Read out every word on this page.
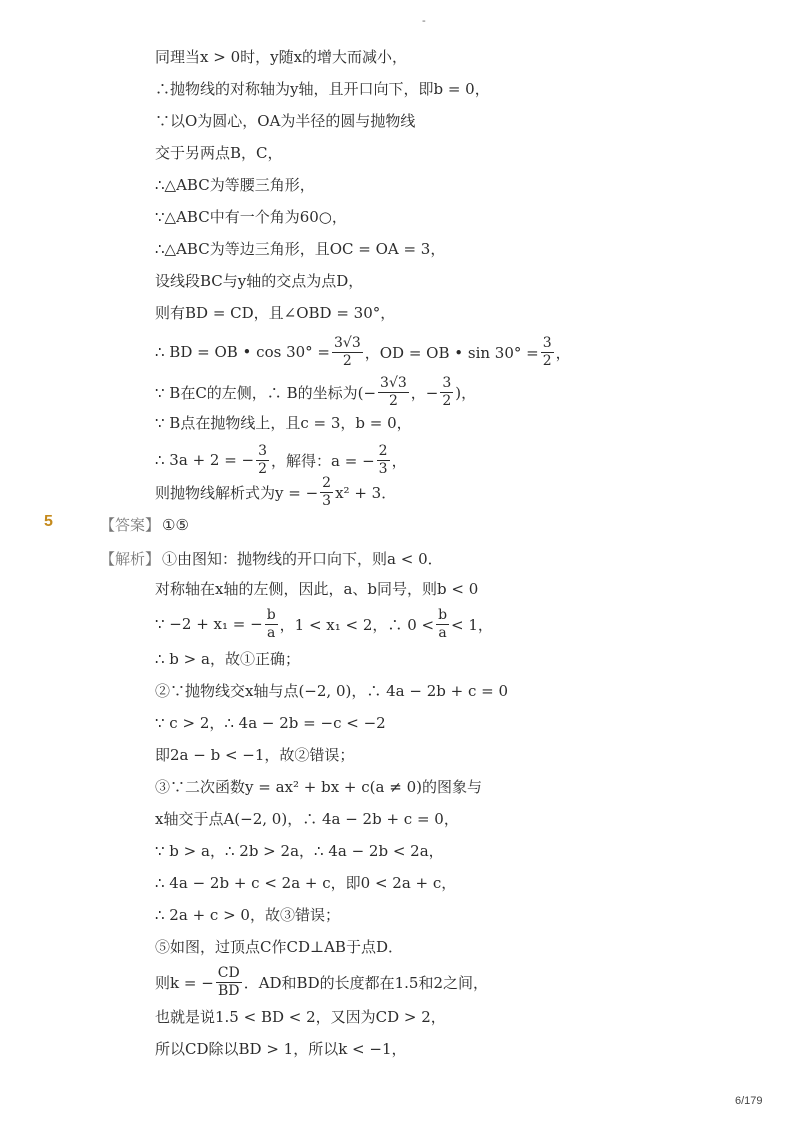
-
同理当x > 0时，y随x的增大而减小，
∴抛物线的对称轴为y轴，且开口向下，即b = 0，
∵以O为圆心，OA为半径的圆与抛物线
交于另两点B，C，
∴△ABC为等腰三角形，
∵△ABC中有一个角为60○，
∴△ABC为等边三角形，且OC = OA = 3，
设线段BC与y轴的交点为点D，
则有BD = CD，且∠OBD = 30°，
∴ BD = OB • $\cos 30^\circ = \frac{3√3}{2}$ ，OD = OB • $\sin 30^\circ = \frac{3}{2}$ ，
∵ B在C的左侧，∴ B的坐标为(− $\frac{3√3}{2}$ ，− $\frac{3}{2}$ )，
∵ B点在抛物线上，且c = 3，b = 0，
∴ 3a + 2 = − $\frac{3}{2}$ ，解得：a = − $\frac{2}{3}$ ，
则抛物线解析式为y = − $\frac{2}{3} x^2 + 3$．
5	【答案】 ①⑤
【解析】 ①由图知：抛物线的开口向下，则a < 0．
对称轴在x轴的左侧，因此，a、b同号，则b < 0
∵ −2 + x₁ = − $\frac{b}{a}$ ，1 < x₁ < 2，∴ $0 < \frac{b}{a} < 1$，
∴ b > a，故①正确；
②∵抛物线交x轴与点(−2, 0)，∴ 4a − 2b + c = 0
∵ c > 2，∴ 4a − 2b = −c < −2
即2a − b < −1，故②错误；
③∵二次函数y = ax² + bx + c(a ≠ 0)的图象与
x轴交于点A(−2, 0)，∴ 4a − 2b + c = 0，
∵ b > a，∴ 2b > 2a，∴ 4a − 2b < 2a，
∴ 4a − 2b + c < 2a + c，即0 < 2a + c，
∴ 2a + c > 0，故③错误；
⑤如图，过顶点C作CD⊥AB于点D．
则k = − $\frac{CD}{BD}$ ．AD和BD的长度都在1.5和2之间，
也就是说1.5 < BD < 2，又因为CD > 2，
所以CD除以BD > 1，所以k < −1，
6/179
